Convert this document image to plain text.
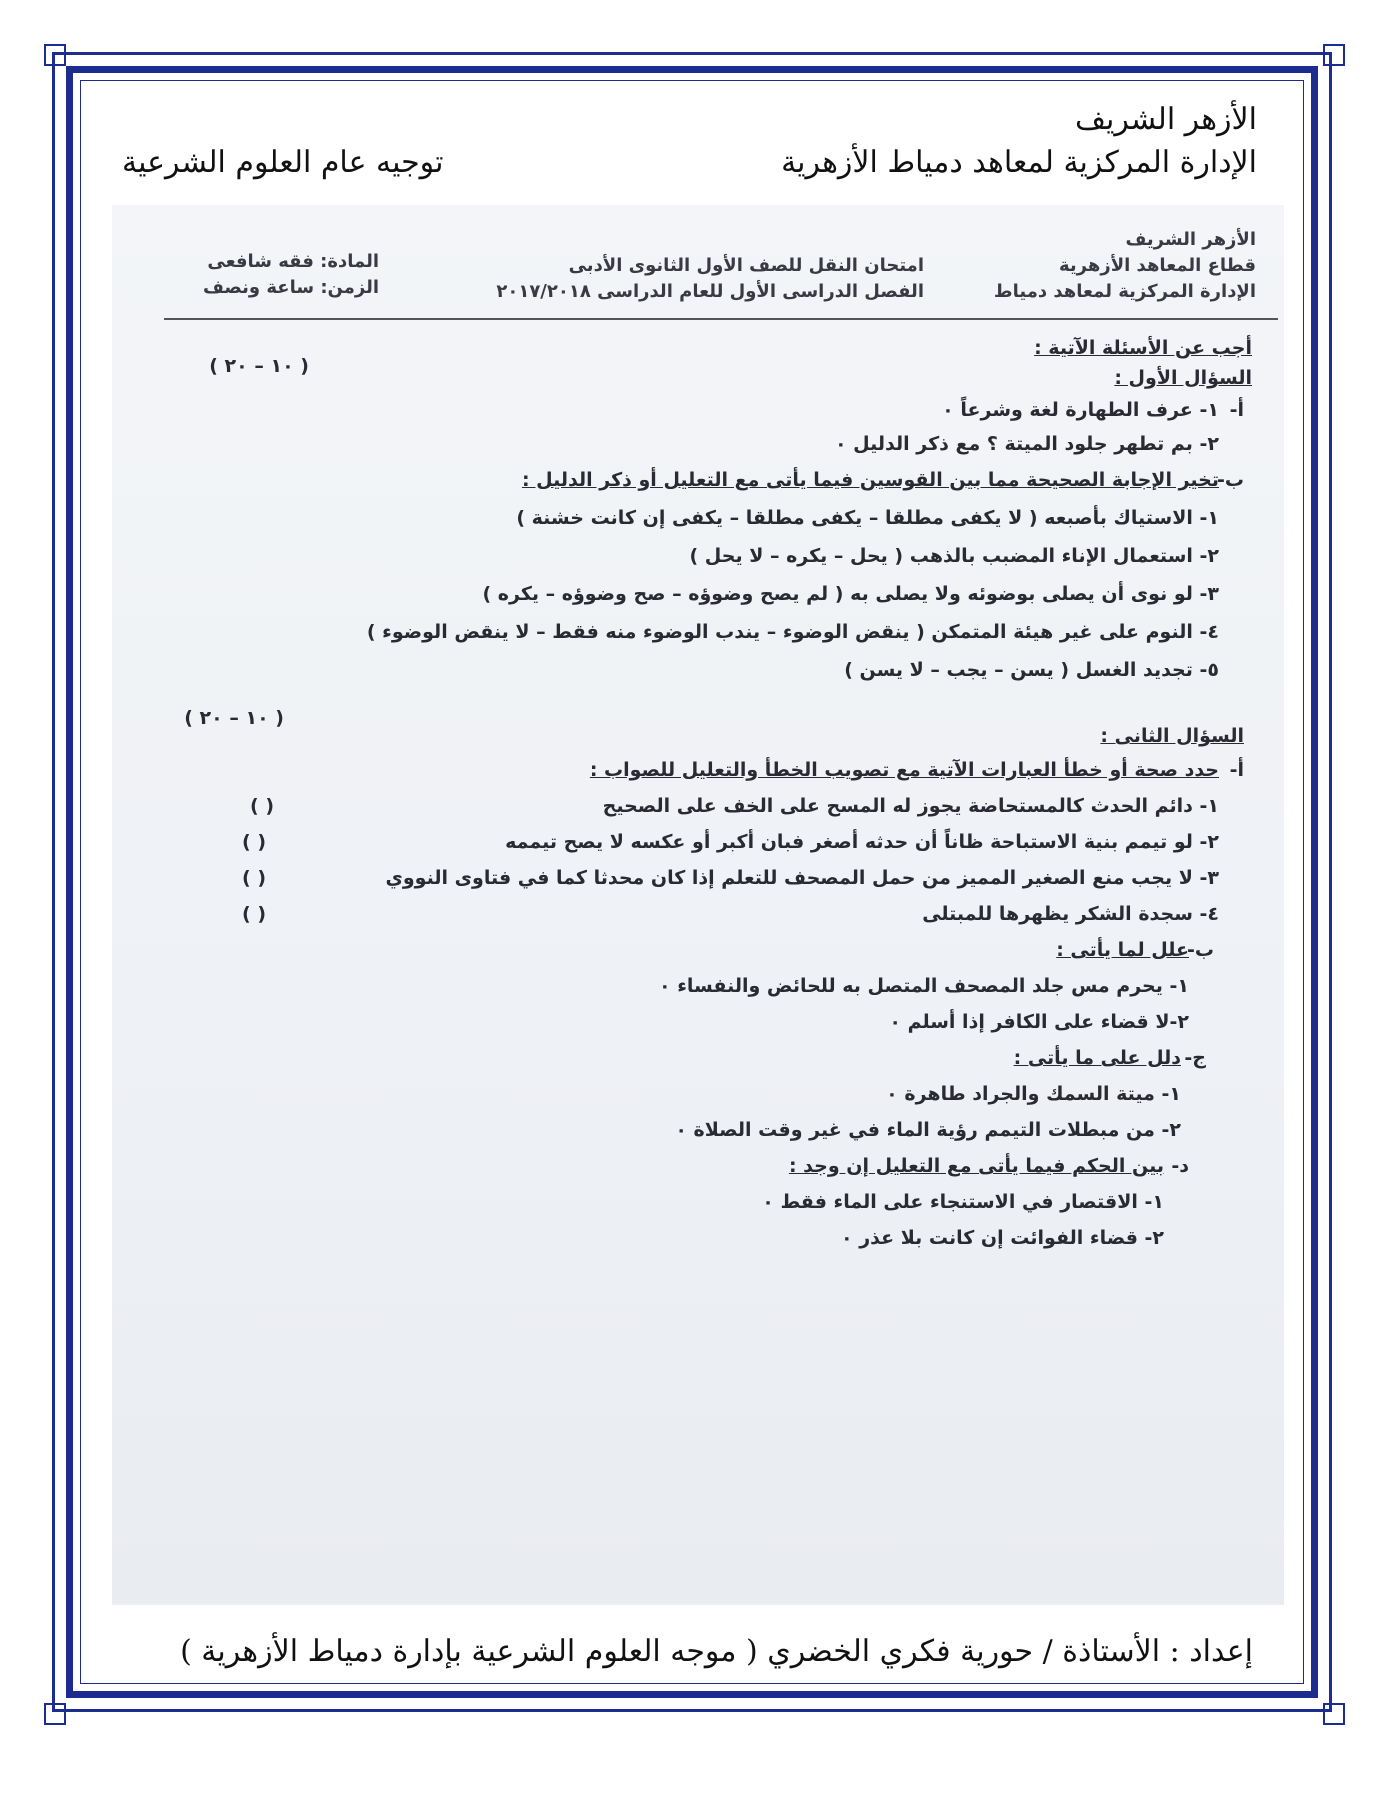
الأزهر الشريف
الإدارة المركزية لمعاهد دمياط الأزهرية
توجيه عام العلوم الشرعية
الأزهر الشريف
قطاع المعاهد الأزهرية
الإدارة المركزية لمعاهد دمياط
امتحان النقل للصف الأول الثانوى الأدبى
الفصل الدراسى الأول للعام الدراسى ٢٠١٧/٢٠١٨
المادة: فقه شافعى
الزمن: ساعة ونصف
أجب عن الأسئلة الآتية :
السؤال الأول :
( ١٠ – ٢٠ )
أ-
١- عرف الطهارة لغة وشرعاً ٠
٢- بم تطهر جلود الميتة ؟ مع ذكر الدليل ٠
ب-
تخير الإجابة الصحيحة مما بين القوسين فيما يأتى مع التعليل أو ذكر الدليل :
١- الاستياك بأصبعه ( لا يكفى مطلقا – يكفى مطلقا – يكفى إن كانت خشنة )
٢- استعمال الإناء المضبب بالذهب ( يحل – يكره – لا يحل )
٣- لو نوى أن يصلى بوضوئه ولا يصلى به ( لم يصح وضوؤه – صح وضوؤه – يكره )
٤- النوم على غير هيئة المتمكن ( ينقض الوضوء – يندب الوضوء منه فقط – لا ينقض الوضوء )
٥- تجديد الغسل ( يسن – يجب – لا يسن )
( ١٠ – ٢٠ )
السؤال الثانى :
أ-
حدد صحة أو خطأ العبارات الآتية مع تصويب الخطأ والتعليل للصواب :
١- دائم الحدث كالمستحاضة يجوز له المسح على الخف على الصحيح
٢- لو تيمم بنية الاستباحة ظاناً أن حدثه أصغر فبان أكبر أو عكسه لا يصح تيممه
٣- لا يجب منع الصغير المميز من حمل المصحف للتعلم إذا كان محدثا كما في فتاوى النووي
٤- سجدة الشكر يظهرها للمبتلى
( )
( )
( )
( )
ب-
علل لما يأتى :
١- يحرم مس جلد المصحف المتصل به للحائض والنفساء ٠
٢-لا قضاء على الكافر إذا أسلم ٠
ج-
دلل على ما يأتى :
١- ميتة السمك والجراد طاهرة ٠
٢- من مبطلات التيمم رؤية الماء في غير وقت الصلاة ٠
د-
بين الحكم فيما يأتى مع التعليل إن وجد :
١- الاقتصار في الاستنجاء على الماء فقط ٠
٢- قضاء الفوائت إن كانت بلا عذر ٠
إعداد : الأستاذة / حورية فكري الخضري ( موجه العلوم الشرعية بإدارة دمياط الأزهرية )
